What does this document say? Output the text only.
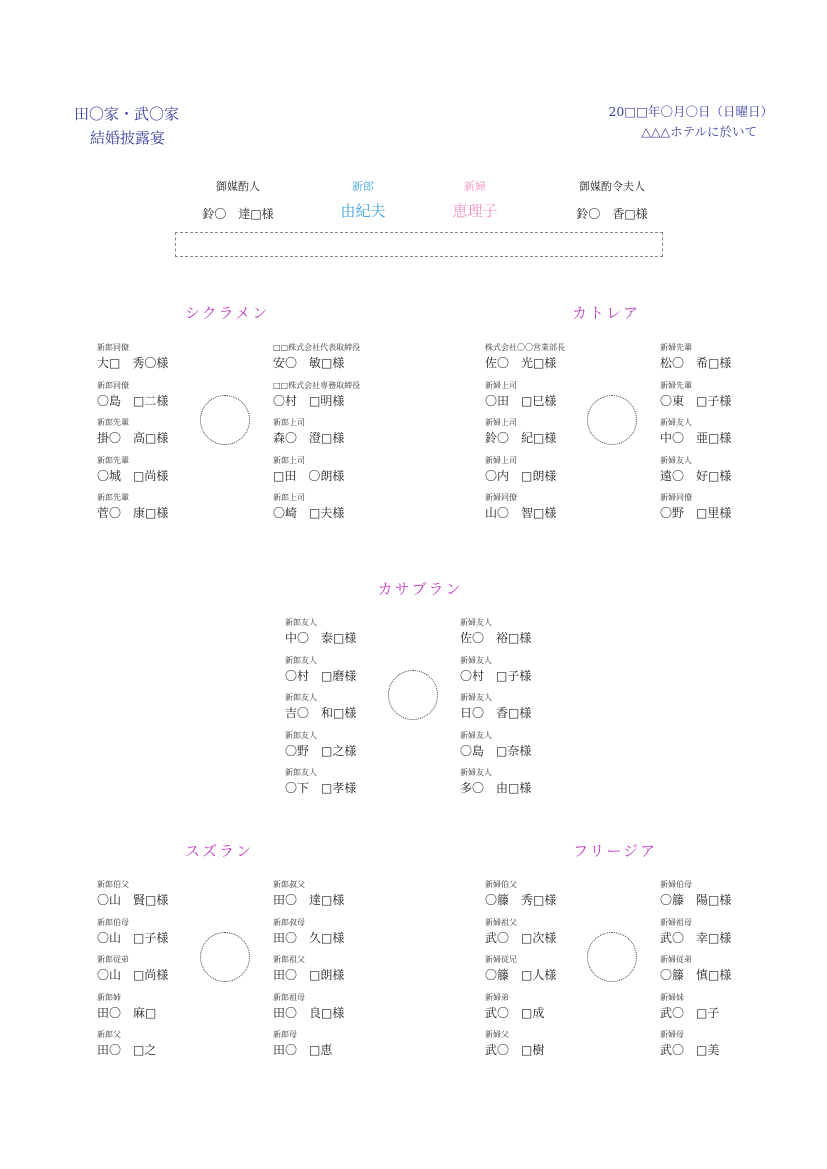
田〇家・武〇家
結婚披露宴
20□□年〇月〇日（日曜日）
△△△ホテルに於いて
御媒酌人
鈴〇　達□様
新郎
由紀夫
新婦
恵理子
御媒酌令夫人
鈴〇　香□様
シクラメン
新郎同僚
大□　秀〇様
新郎同僚
〇島　□二様
新郎先輩
掛〇　高□様
新郎先輩
〇城　□尚様
新郎先輩
菅〇　康□様
□□株式会社代表取締役
安〇　敏□様
□□株式会社専務取締役
〇村　□明様
新郎上司
森〇　澄□様
新郎上司
□田　〇朗様
新郎上司
〇崎　□夫様
カトレア
株式会社〇〇営業部長
佐〇　光□様
新婦上司
〇田　□巳様
新婦上司
鈴〇　紀□様
新婦上司
〇内　□朗様
新婦同僚
山〇　智□様
新婦先輩
松〇　希□様
新婦先輩
〇東　□子様
新婦友人
中〇　亜□様
新婦友人
遠〇　好□様
新婦同僚
〇野　□里様
カサブラン
新郎友人
中〇　泰□様
新郎友人
〇村　□磨様
新郎友人
吉〇　和□様
新郎友人
〇野　□之様
新郎友人
〇下　□孝様
新婦友人
佐〇　裕□様
新婦友人
〇村　□子様
新婦友人
日〇　香□様
新婦友人
〇島　□奈様
新婦友人
多〇　由□様
スズラン
新郎伯父
〇山　賢□様
新郎伯母
〇山　□子様
新郎従弟
〇山　□尚様
新郎姉
田〇　麻□
新郎父
田〇　□之
新郎叔父
田〇　達□様
新郎叔母
田〇　久□様
新郎祖父
田〇　□朗様
新郎祖母
田〇　良□様
新郎母
田〇　□恵
フリージア
新婦伯父
〇籐　秀□様
新婦祖父
武〇　□次様
新婦従兄
〇籐　□人様
新婦弟
武〇　□成
新婦父
武〇　□樹
新婦伯母
〇籐　陽□様
新婦祖母
武〇　幸□様
新婦従弟
〇籐　慎□様
新婦妹
武〇　□子
新婦母
武〇　□美
